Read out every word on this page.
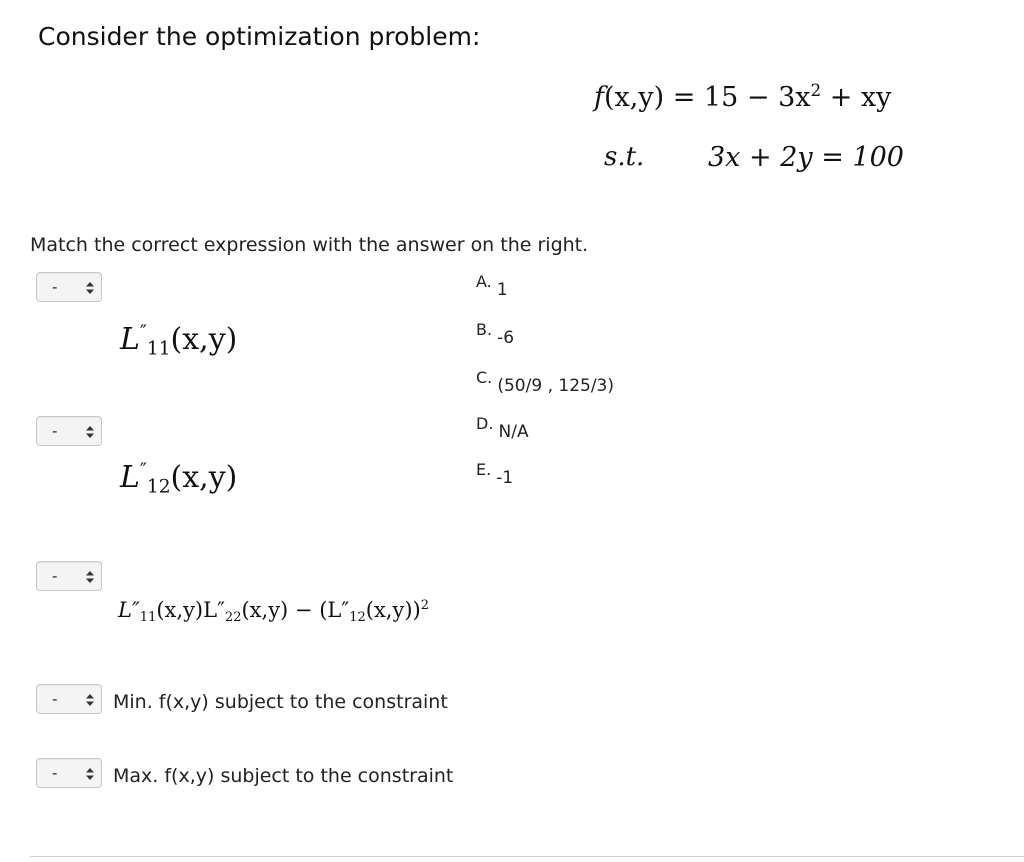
Consider the optimization problem:
$f(x,y) = 15 - 3x^2$ + xy
s.t. 3x + 2y = 100
Match the correct expression with the answer on the right.
-
$L''_{11}(x,y)$
-
$L''_{12}(x,y)$
-
$L''_{11}(x,y)L''_{22}(x,y) - (L''_{12}(x,y))^2$
-	Min. f(x,y) subject to the constraint
-	Max. f(x,y) subject to the constraint
A. 1
B. -6
C. (50/9 , 125/3)
D. N/A
E. -1
